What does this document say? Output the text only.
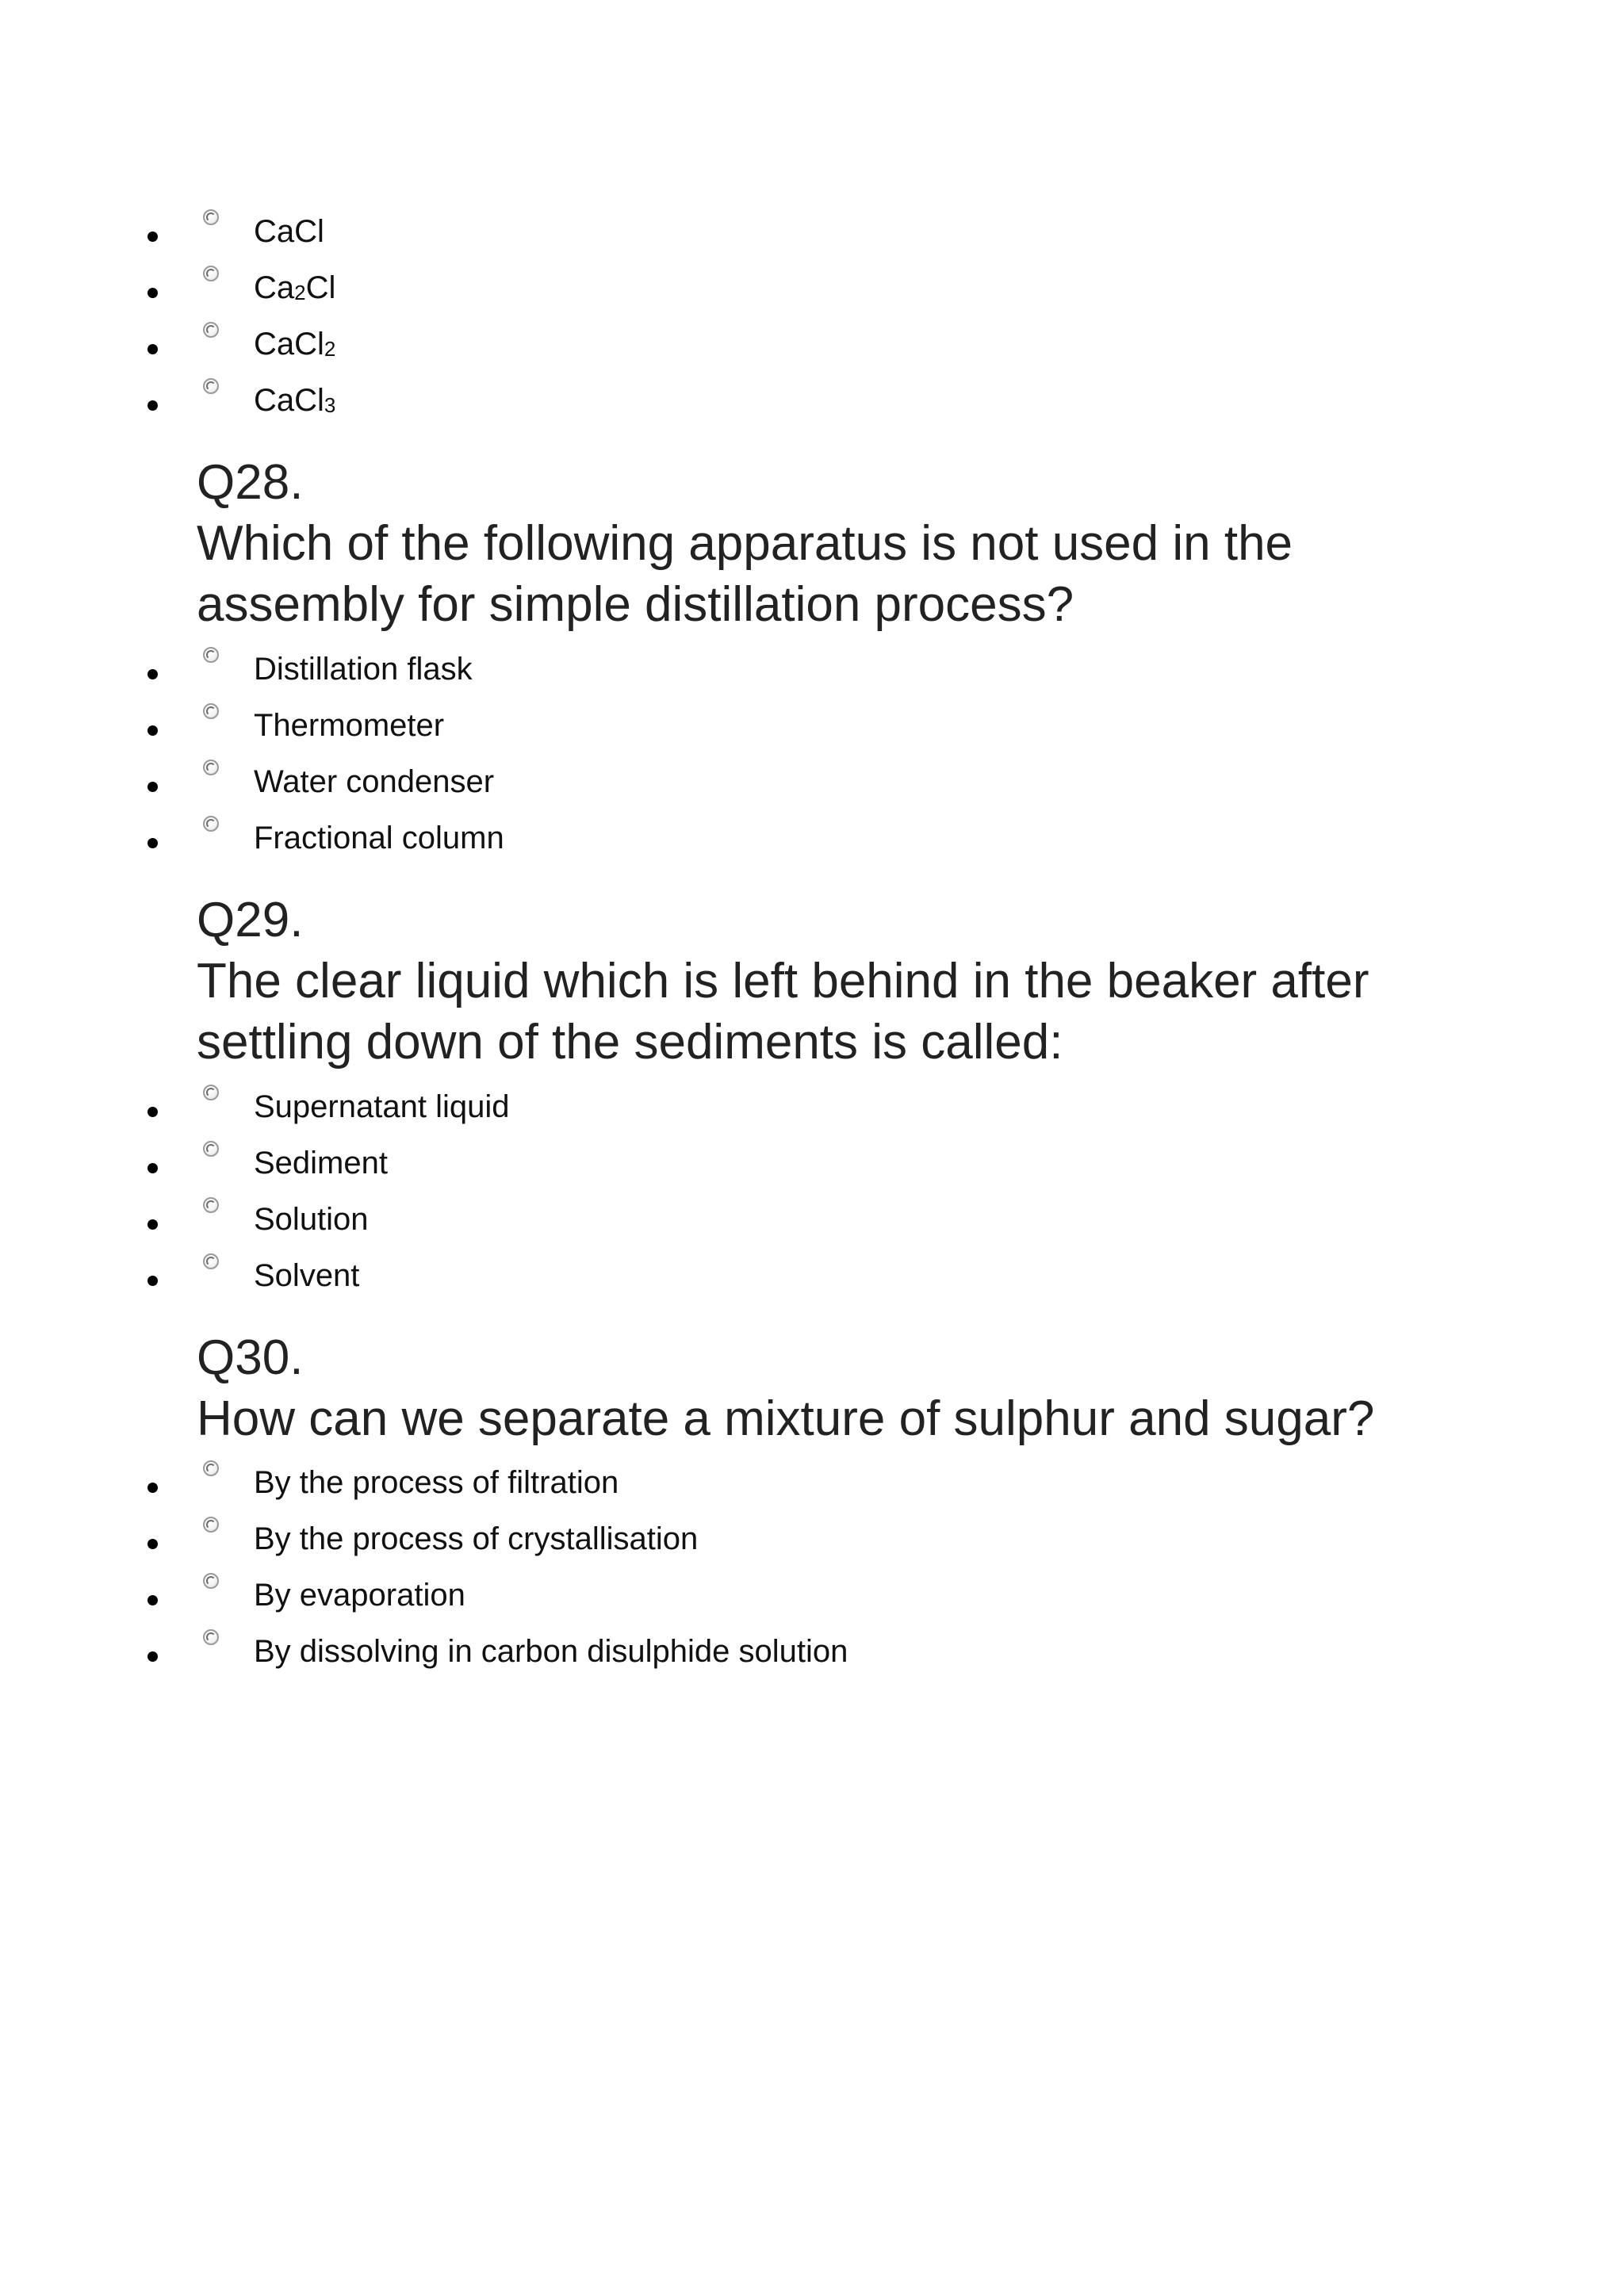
CaCl
$Ca_2Cl$
CaCl$_2$
CaCl$_3$
Q28.
Which of the following apparatus is not used in the assembly for simple distillation process?
Distillation flask
Thermometer
Water condenser
Fractional column
Q29.
The clear liquid which is left behind in the beaker after settling down of the sediments is called:
Supernatant liquid
Sediment
Solution
Solvent
Q30.
How can we separate a mixture of sulphur and sugar?
By the process of filtration
By the process of crystallisation
By evaporation
By dissolving in carbon disulphide solution
